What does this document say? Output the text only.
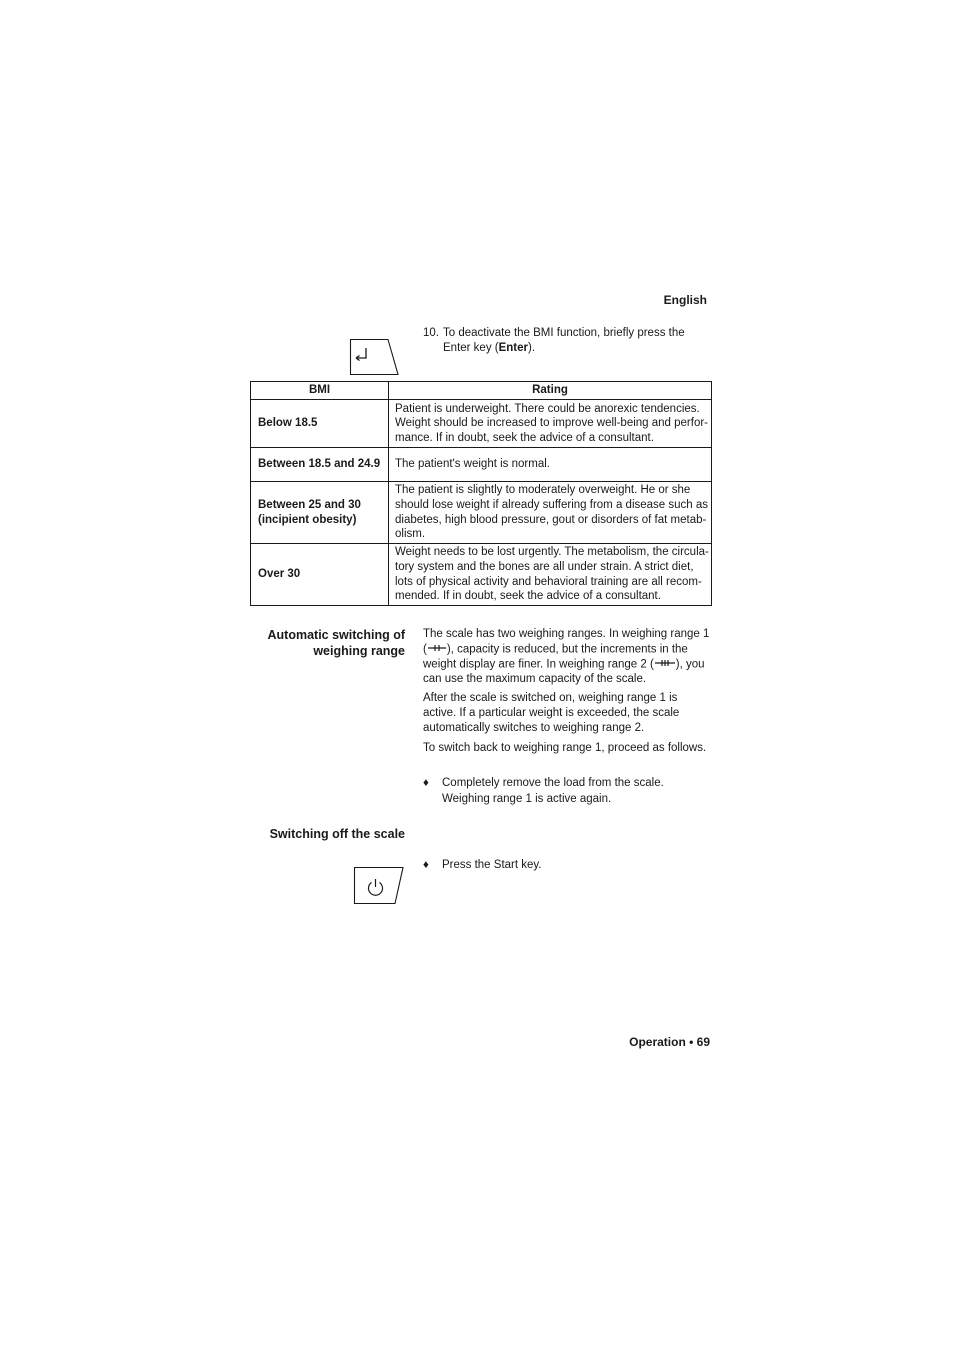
English
10. To deactivate the BMI function, briefly press the Enter key (Enter).
BMI	Rating
Below 18.5	Patient is underweight. There could be anorexic tendencies. Weight should be increased to improve well-being and perfor-mance. If in doubt, seek the advice of a consultant.
Between 18.5 and 24.9	The patient's weight is normal.
Between 25 and 30 (incipient obesity)	The patient is slightly to moderately overweight. He or she should lose weight if already suffering from a disease such as diabetes, high blood pressure, gout or disorders of fat metab-olism.
Over 30	Weight needs to be lost urgently. The metabolism, the circula-tory system and the bones are all under strain. A strict diet, lots of physical activity and behavioral training are all recom-mended. If in doubt, seek the advice of a consultant.
Automatic switching of
weighing range
The scale has two weighing ranges. In weighing range 1 ( ), capacity is reduced, but the increments in the weight display are finer. In weighing range 2 ( ), you can use the maximum capacity of the scale.
After the scale is switched on, weighing range 1 is active. If a particular weight is exceeded, the scale automatically switches to weighing range 2.
To switch back to weighing range 1, proceed as follows.
♦ Completely remove the load from the scale. Weighing range 1 is active again.
Switching off the scale
♦ Press the Start key.
Operation • 69
